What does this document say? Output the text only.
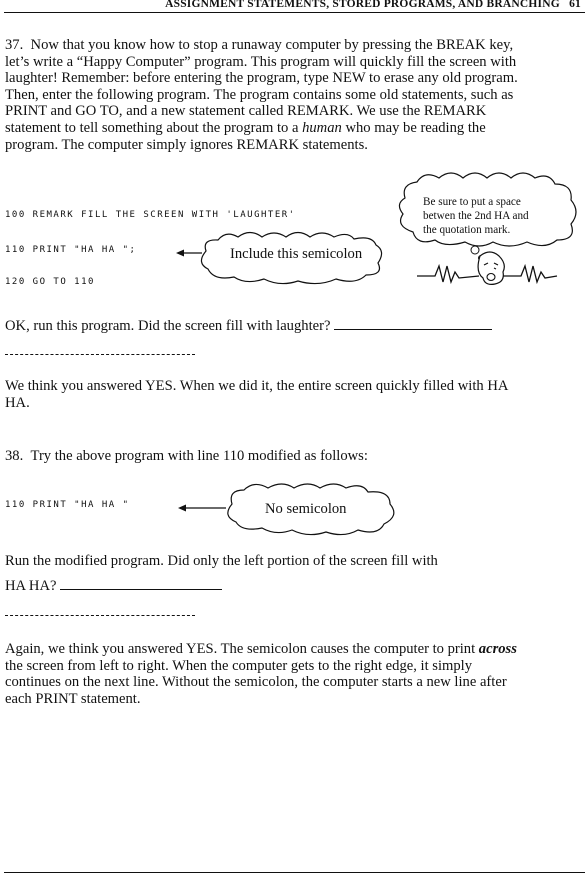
ASSIGNMENT STATEMENTS, STORED PROGRAMS, AND BRANCHING 61
37. Now that you know how to stop a runaway computer by pressing the BREAK key, let’s write a “Happy Computer” program. This program will quickly fill the screen with laughter! Remember: before entering the program, type NEW to erase any old program. Then, enter the following program. The program contains some old statements, such as PRINT and GO TO, and a new statement called REMARK. We use the REMARK statement to tell something about the program to a human who may be reading the program. The computer simply ignores REMARK statements.
100 REMARK FILL THE SCREEN WITH 'LAUGHTER'
110 PRINT "HA HA ";
120 GO TO 110
Include this semicolon
Be sure to put a space
betwen the 2nd HA and
the quotation mark.
OK, run this program. Did the screen fill with laughter?
We think you answered YES. When we did it, the entire screen quickly filled with HA HA.
38. Try the above program with line 110 modified as follows:
110 PRINT "HA HA "	No semicolon
Run the modified program. Did only the left portion of the screen fill with
HA HA?
Again, we think you answered YES. The semicolon causes the computer to print across the screen from left to right. When the computer gets to the right edge, it simply continues on the next line. Without the semicolon, the computer starts a new line after each PRINT statement.
